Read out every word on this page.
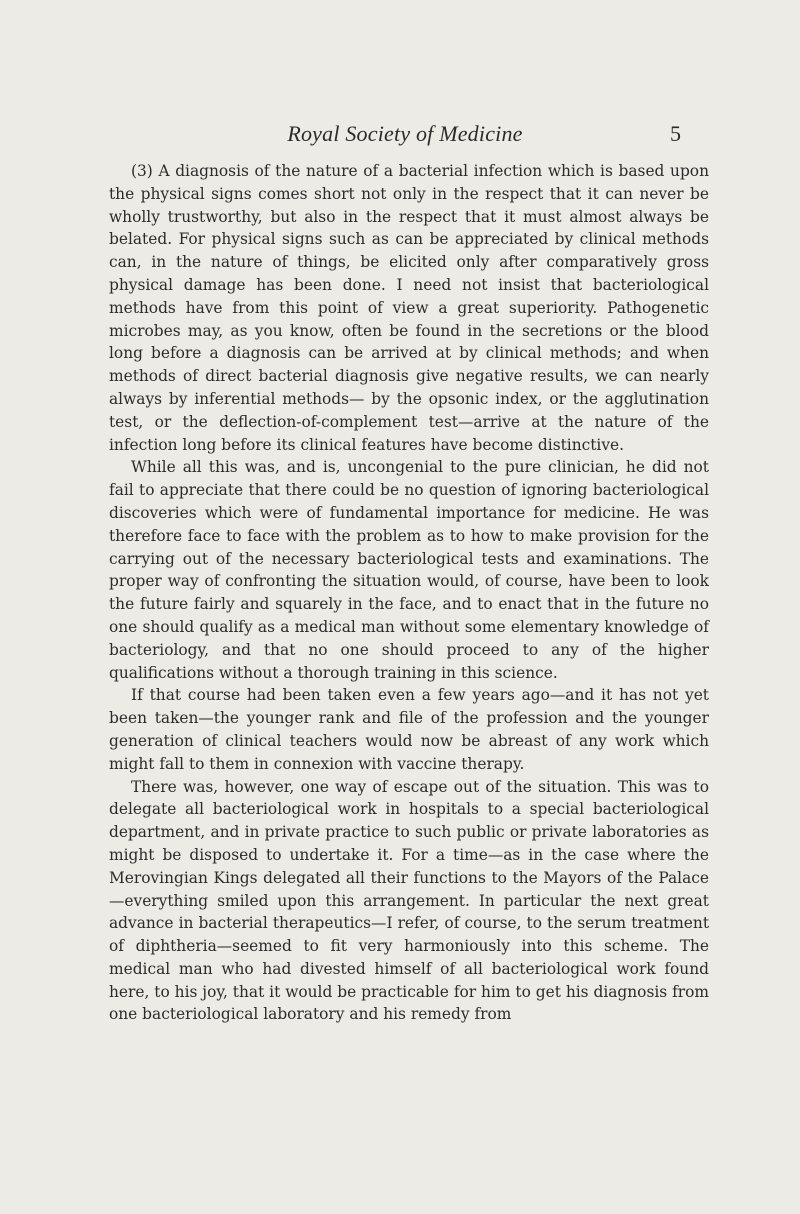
Royal Society of Medicine	5

(3) A diagnosis of the nature of a bacterial infection which is based upon the physical signs comes short not only in the respect that it can never be wholly trustworthy, but also in the respect that it must almost always be belated. For physical signs such as can be appreciated by clinical methods can, in the nature of things, be elicited only after comparatively gross physical damage has been done. I need not insist that bacteriological methods have from this point of view a great superiority. Pathogenetic microbes may, as you know, often be found in the secretions or the blood long before a diagnosis can be arrived at by clinical methods; and when methods of direct bacterial diagnosis give negative results, we can nearly always by inferential methods— by the opsonic index, or the agglutination test, or the deflection-of-complement test—arrive at the nature of the infection long before its clinical features have become distinctive.

While all this was, and is, uncongenial to the pure clinician, he did not fail to appreciate that there could be no question of ignoring bacteriological discoveries which were of fundamental importance for medicine. He was therefore face to face with the problem as to how to make provision for the carrying out of the necessary bacteriological tests and examinations. The proper way of confronting the situation would, of course, have been to look the future fairly and squarely in the face, and to enact that in the future no one should qualify as a medical man without some elementary knowledge of bacteriology, and that no one should proceed to any of the higher qualifications without a thorough training in this science.

If that course had been taken even a few years ago—and it has not yet been taken—the younger rank and file of the profession and the younger generation of clinical teachers would now be abreast of any work which might fall to them in connexion with vaccine therapy.

There was, however, one way of escape out of the situation. This was to delegate all bacteriological work in hospitals to a special bacteriological department, and in private practice to such public or private laboratories as might be disposed to undertake it. For a time—as in the case where the Merovingian Kings delegated all their functions to the Mayors of the Palace—everything smiled upon this arrangement. In particular the next great advance in bacterial therapeutics—I refer, of course, to the serum treatment of diphtheria—seemed to fit very harmoniously into this scheme. The medical man who had divested himself of all bacteriological work found here, to his joy, that it would be practicable for him to get his diagnosis from one bacteriological laboratory and his remedy from
